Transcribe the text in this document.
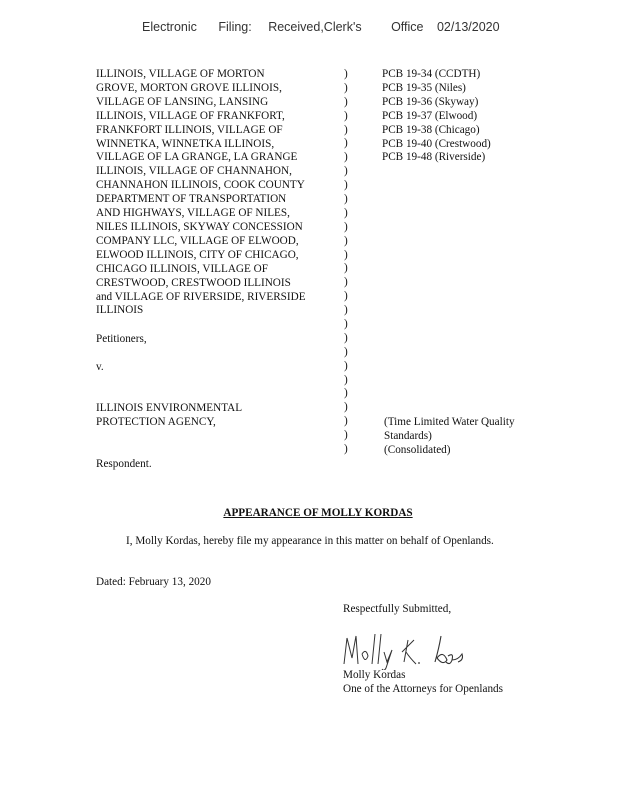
Electronic Filing: Received,Clerk's Office 02/13/2020
ILLINOIS, VILLAGE OF MORTON
GROVE, MORTON GROVE ILLINOIS,
VILLAGE OF LANSING, LANSING
ILLINOIS, VILLAGE OF FRANKFORT,
FRANKFORT ILLINOIS, VILLAGE OF
WINNETKA, WINNETKA ILLINOIS,
VILLAGE OF LA GRANGE, LA GRANGE
ILLINOIS, VILLAGE OF CHANNAHON,
CHANNAHON ILLINOIS, COOK COUNTY
DEPARTMENT OF TRANSPORTATION
AND HIGHWAYS, VILLAGE OF NILES,
NILES ILLINOIS, SKYWAY CONCESSION
COMPANY LLC, VILLAGE OF ELWOOD,
ELWOOD ILLINOIS, CITY OF CHICAGO,
CHICAGO ILLINOIS, VILLAGE OF
CRESTWOOD, CRESTWOOD ILLINOIS
and VILLAGE OF RIVERSIDE, RIVERSIDE
ILLINOIS
)
)
)
)
)
)
)
)
)
)
)
)
)
)
)
)
)
)
)
)
)
)
)
)
)
)
)
)
PCB 19-34 (CCDTH)
PCB 19-35 (Niles)
PCB 19-36 (Skyway)
PCB 19-37 (Elwood)
PCB 19-38 (Chicago)
PCB 19-40 (Crestwood)
PCB 19-48 (Riverside)
Petitioners,
v.
ILLINOIS ENVIRONMENTAL
PROTECTION AGENCY,	(Time Limited Water Quality
Standards)
(Consolidated)
Respondent.
APPEARANCE OF MOLLY KORDAS
I, Molly Kordas, hereby file my appearance in this matter on behalf of Openlands.
Dated: February 13, 2020
Respectfully Submitted,
Molly Kordas
One of the Attorneys for Openlands
